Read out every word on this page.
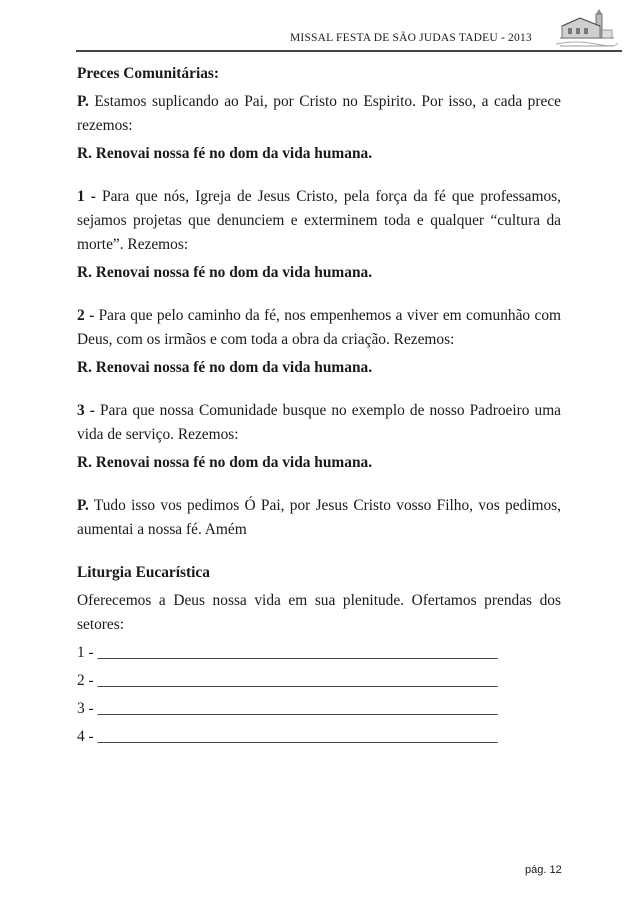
MISSAL FESTA DE SÃO JUDAS TADEU - 2013

Preces Comunitárias:

P. Estamos suplicando ao Pai, por Cristo no Espirito. Por isso, a cada prece rezemos:

R. Renovai nossa fé no dom da vida humana.

1 - Para que nós, Igreja de Jesus Cristo, pela força da fé que professamos, sejamos projetas que denunciem e exterminem toda e qualquer “cultura da morte”. Rezemos:

R. Renovai nossa fé no dom da vida humana.

2 - Para que pelo caminho da fé, nos empenhemos a viver em comunhão com Deus, com os irmãos e com toda a obra da criação. Rezemos:

R. Renovai nossa fé no dom da vida humana.

3 - Para que nossa Comunidade busque no exemplo de nosso Padroeiro uma vida de serviço. Rezemos:

R. Renovai nossa fé no dom da vida humana.

P. Tudo isso vos pedimos Ó Pai, por Jesus Cristo vosso Filho, vos pedimos, aumentai a nossa fé. Amém

Liturgia Eucarística

Oferecemos a Deus nossa vida em sua plenitude. Ofertamos prendas dos setores:

1 - ____________________________________________________

2 - ____________________________________________________

3 - ____________________________________________________

4 - ____________________________________________________

pág. 12
